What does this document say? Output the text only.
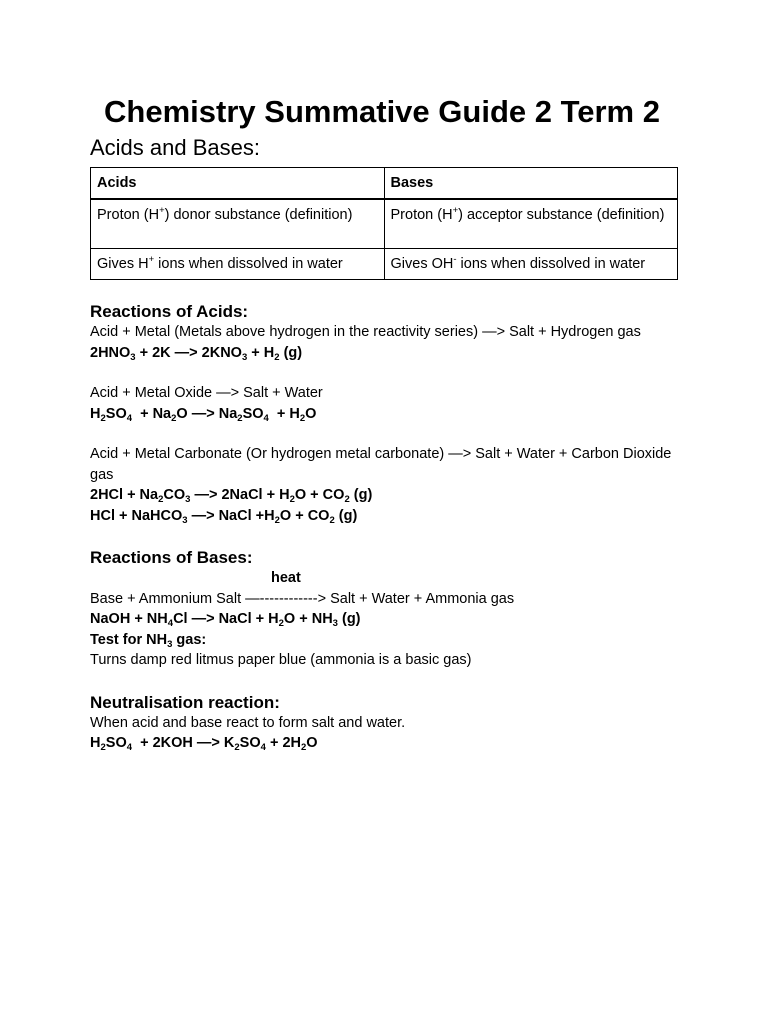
Chemistry Summative Guide 2 Term 2
Acids and Bases:
Acids	Bases
Proton (H+) donor substance (definition)	Proton (H+) acceptor substance (definition)
Gives H+ ions when dissolved in water	Gives OH- ions when dissolved in water
Reactions of Acids:
Acid + Metal (Metals above hydrogen in the reactivity series) —> Salt + Hydrogen gas
$2HNO_3 + 2K$ —> $2KNO_3 + H_2$ (g)
Acid + Metal Oxide —> Salt + Water
$H_2SO_4 + Na_2O$ —> $Na_2SO_4 + H_2O$
Acid + Metal Carbonate (Or hydrogen metal carbonate) —> Salt + Water + Carbon Dioxide gas
$2HCl + Na_2CO_3$ —> 2NaCl + $H_2O + CO_2$ (g)
HCl + NaHCO$_3$ —> NaCl $+H_2O + CO_2$ (g)
Reactions of Bases:
heat
Base + Ammonium Salt —------------> Salt + Water + Ammonia gas
NaOH + $NH_4Cl$ —> NaCl + $H_2O + NH_3$ (g)
Test for $NH_3$ gas:
Turns damp red litmus paper blue (ammonia is a basic gas)
Neutralisation reaction:
When acid and base react to form salt and water.
$H_2SO_4 + 2KOH$ —> $K_2SO_4 + 2H_2O$
